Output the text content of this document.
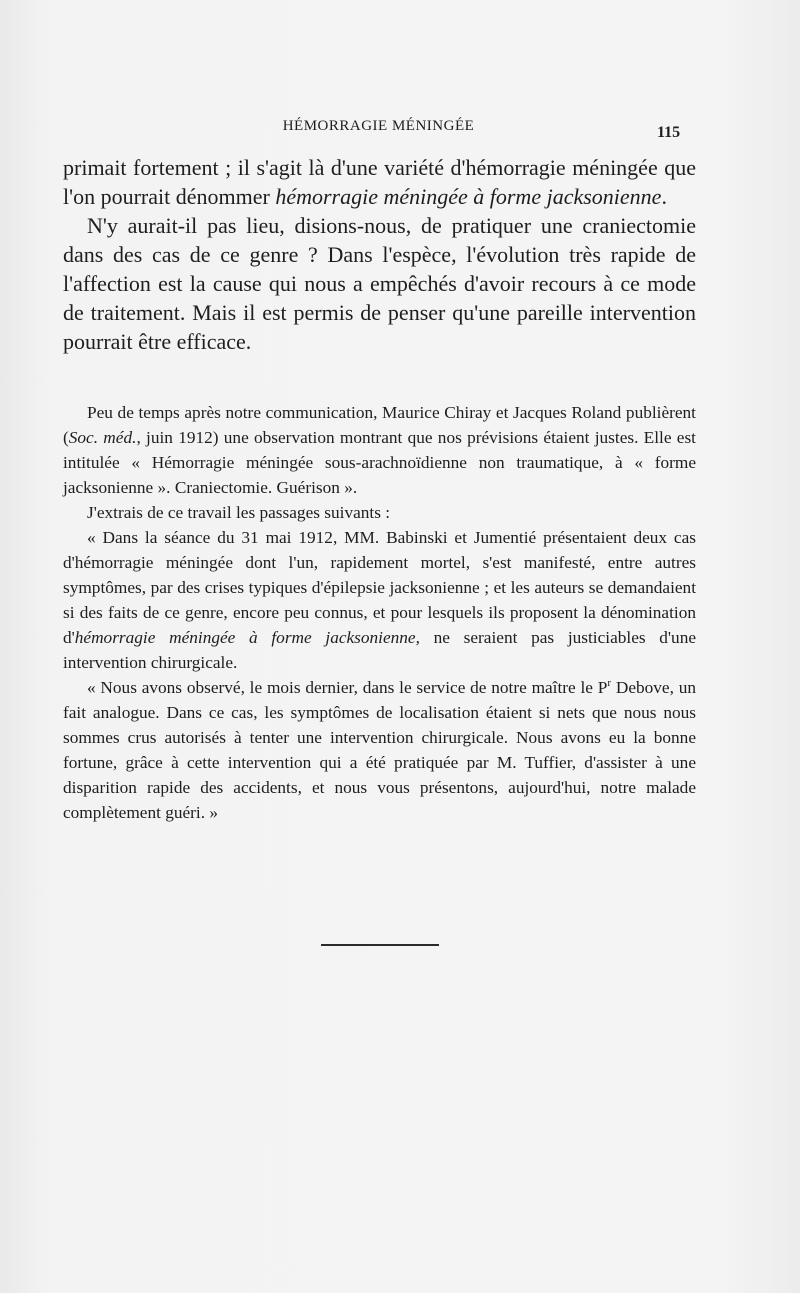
HÉMORRAGIE MÉNINGÉE	115

primait fortement ; il s'agit là d'une variété d'hémorragie méningée que l'on pourrait dénommer hémorragie méningée à forme jacksonienne.

N'y aurait-il pas lieu, disions-nous, de pratiquer une craniectomie dans des cas de ce genre ? Dans l'espèce, l'évolution très rapide de l'affection est la cause qui nous a empêchés d'avoir recours à ce mode de traitement. Mais il est permis de penser qu'une pareille intervention pourrait être efficace.

Peu de temps après notre communication, Maurice Chiray et Jacques Roland publièrent (Soc. méd., juin 1912) une observation montrant que nos prévisions étaient justes. Elle est intitulée « Hémorragie méningée sous-arachnoïdienne non traumatique, à « forme jacksonienne ». Craniectomie. Guérison ».

J'extrais de ce travail les passages suivants :

« Dans la séance du 31 mai 1912, MM. Babinski et Jumentié présentaient deux cas d'hémorragie méningée dont l'un, rapidement mortel, s'est manifesté, entre autres symptômes, par des crises typiques d'épilepsie jacksonienne ; et les auteurs se demandaient si des faits de ce genre, encore peu connus, et pour lesquels ils proposent la dénomination d'hémorragie méningée à forme jacksonienne, ne seraient pas justiciables d'une intervention chirurgicale.

« Nous avons observé, le mois dernier, dans le service de notre maître le $P^r$ Debove, un fait analogue. Dans ce cas, les symptômes de localisation étaient si nets que nous nous sommes crus autorisés à tenter une intervention chirurgicale. Nous avons eu la bonne fortune, grâce à cette intervention qui a été pratiquée par M. Tuffier, d'assister à une disparition rapide des accidents, et nous vous présentons, aujourd'hui, notre malade complètement guéri. »
